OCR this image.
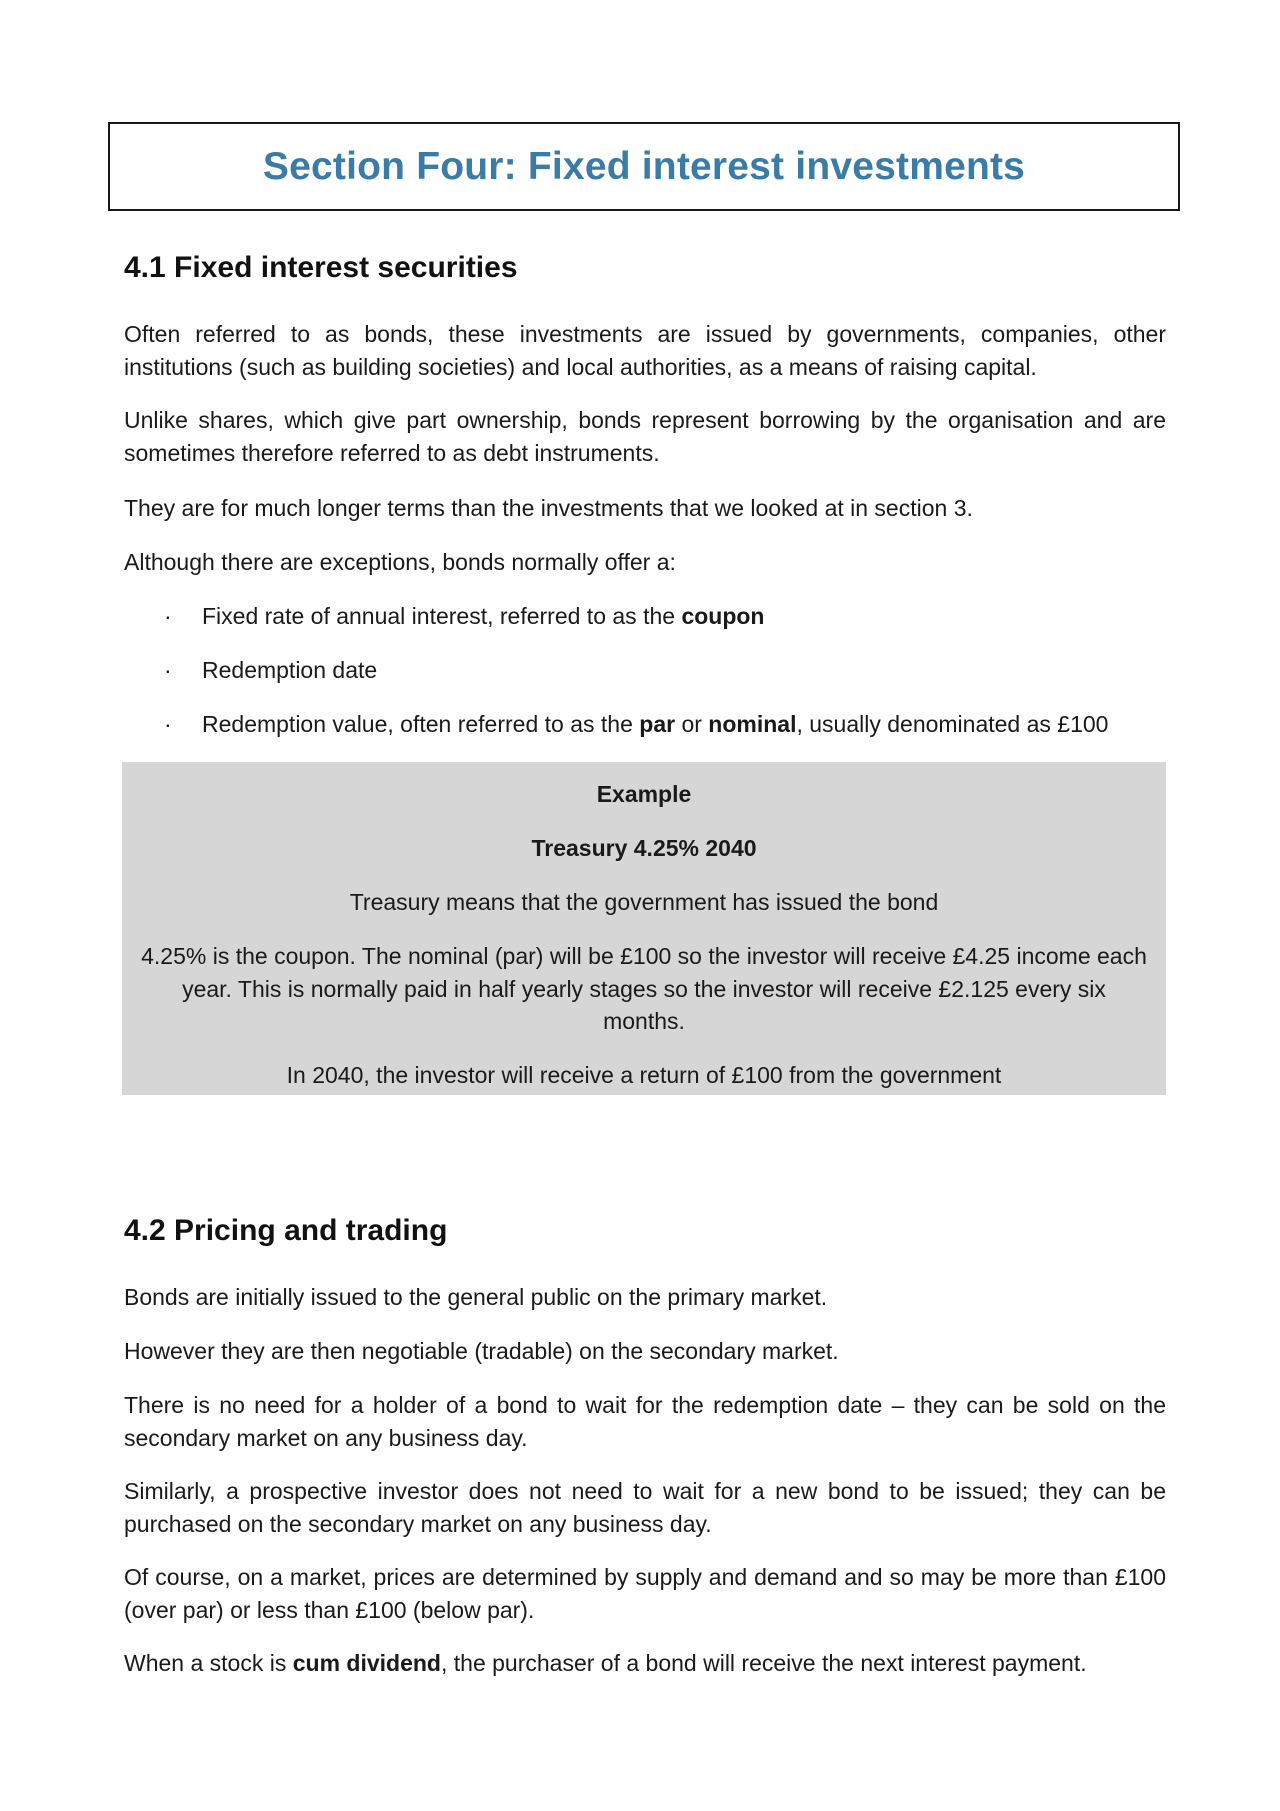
Section Four: Fixed interest investments
4.1 Fixed interest securities

Often referred to as bonds, these investments are issued by governments, companies, other institutions (such as building societies) and local authorities, as a means of raising capital.

Unlike shares, which give part ownership, bonds represent borrowing by the organisation and are sometimes therefore referred to as debt instruments.

They are for much longer terms than the investments that we looked at in section 3.

Although there are exceptions, bonds normally offer a:

· Fixed rate of annual interest, referred to as the coupon
· Redemption date
· Redemption value, often referred to as the par or nominal, usually denominated as £100
Example
Treasury 4.25% 2040
Treasury means that the government has issued the bond
4.25% is the coupon. The nominal (par) will be £100 so the investor will receive £4.25 income each
year. This is normally paid in half yearly stages so the investor will receive £2.125 every six
months.
In 2040, the investor will receive a return of £100 from the government
4.2 Pricing and trading

Bonds are initially issued to the general public on the primary market.

However they are then negotiable (tradable) on the secondary market.

There is no need for a holder of a bond to wait for the redemption date – they can be sold on the secondary market on any business day.

Similarly, a prospective investor does not need to wait for a new bond to be issued; they can be purchased on the secondary market on any business day.

Of course, on a market, prices are determined by supply and demand and so may be more than £100 (over par) or less than £100 (below par).

When a stock is cum dividend, the purchaser of a bond will receive the next interest payment.
